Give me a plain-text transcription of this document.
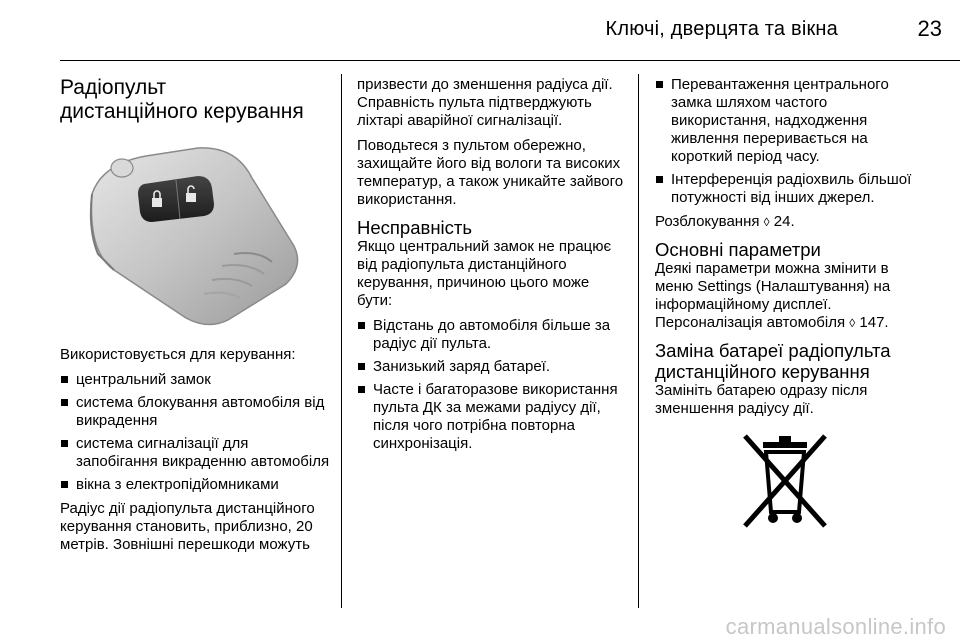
Ключі, дверцята та вікна	23
Радіопульт
дистанційного керування

Використовується для керування:

центральний замок
система блокування автомобіля від викрадення
система сигналізації для запобігання викраденню автомобіля
вікна з електропідйомниками

Радіус дії радіопульта дистанційного керування становить, приблизно, 20 метрів. Зовнішні перешкоди можуть

призвести до зменшення радіуса дії. Справність пульта підтверджують ліхтарі аварійної сигналізації.

Поводьтеся з пультом обережно, захищайте його від вологи та високих температур, а також уникайте зайвого використання.

Несправність

Якщо центральний замок не працює від радіопульта дистанційного керування, причиною цього може бути:

Відстань до автомобіля більше за радіус дії пульта.
Занизький заряд батареї.
Часте і багаторазове використання пульта ДК за межами радіусу дії, після чого потрібна повторна синхронізація.
Перевантаження центрального замка шляхом частого використання, надходження живлення переривається на короткий період часу.
Інтерференція радіохвиль більшої потужності від інших джерел.

Розблокування ◊ 24.

Основні параметри

Деякі параметри можна змінити в меню Settings (Налаштування) на інформаційному дисплеї. Персоналізація автомобіля ◊ 147.

Заміна батареї радіопульта
дистанційного керування

Замініть батарею одразу після зменшення радіусу дії.

carmanualsonline.info
